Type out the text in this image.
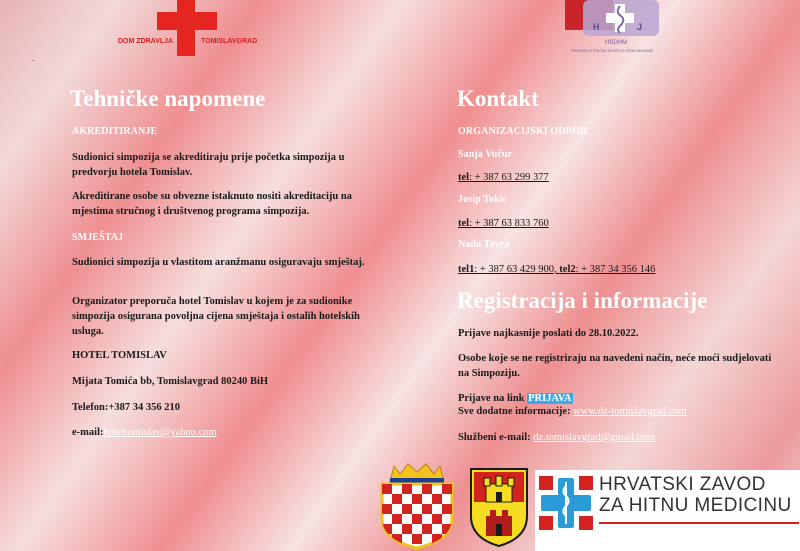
DOM ZDRAVLJA	TOMISLAVGRAD
H	J
HSDHM
HRVATSKO STRUČNO DRUŠTVO HITNE MEDICINE
.
Tehničke napomene
AKREDITIRANJE
Sudionici simpozija se akreditiraju prije početka simpozija u predvorju hotela Tomislav.
Akreditirane osobe su obvezne istaknuto nositi akreditaciju na mjestima stručnog i društvenog programa simpozija.
SMJEŠTAJ
Sudionici simpozija u vlastitom aranžmanu osiguravaju smještaj.
Organizator preporuča hotel Tomislav u kojem je za sudionike simpozija osigurana povoljna cijena smještaja i ostalih hotelskih usluga.
HOTEL TOMISLAV
Mijata Tomića bb, Tomislavgrad 80240 BiH
Telefon:+387 34 356 210
e-mail:hoteltomislav@yahoo.com
Kontakt
ORGANIZACIJSKI ODBOR
Sanja Vučur
tel: + 387 63 299 377
Josip Tokić
tel: + 387 63 833 760
Nada Tavra
tel1: + 387 63 429 900, tel2: + 387 34 356 146
Registracija i informacije
Prijave najkasnije poslati do 28.10.2022.
Osobe koje se ne registriraju na navedeni način, neće moći sudjelovati na Simpoziju.
Prijave na link PRIJAVA
Sve dodatne informacije: www.dz-tomislavgrad.com
Službeni e-mail: dz.tomislavgrad@gmail.com
HRVATSKI ZAVOD
ZA HITNU MEDICINU
